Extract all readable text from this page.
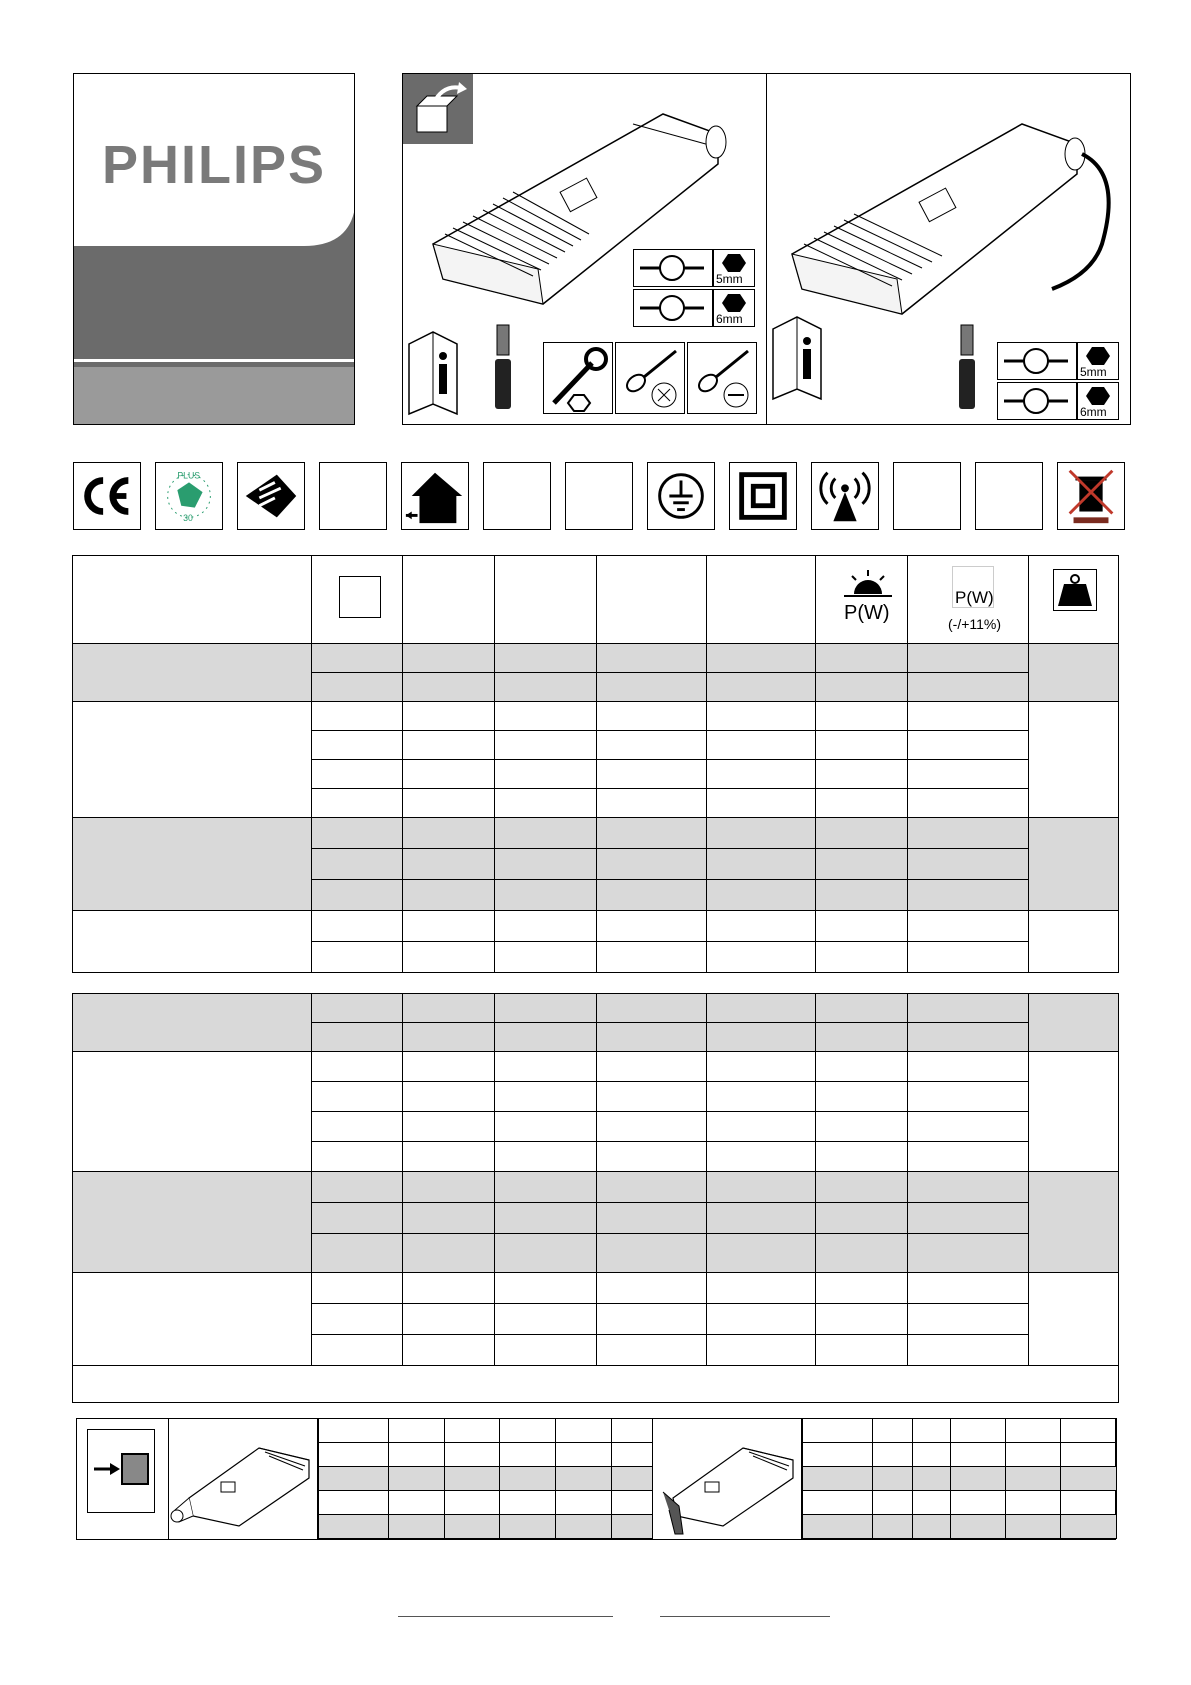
PHILIPS
5mm
6mm
5mm
6mm
PLUS
30

						P(W)	P(W)
(-/+11%)
